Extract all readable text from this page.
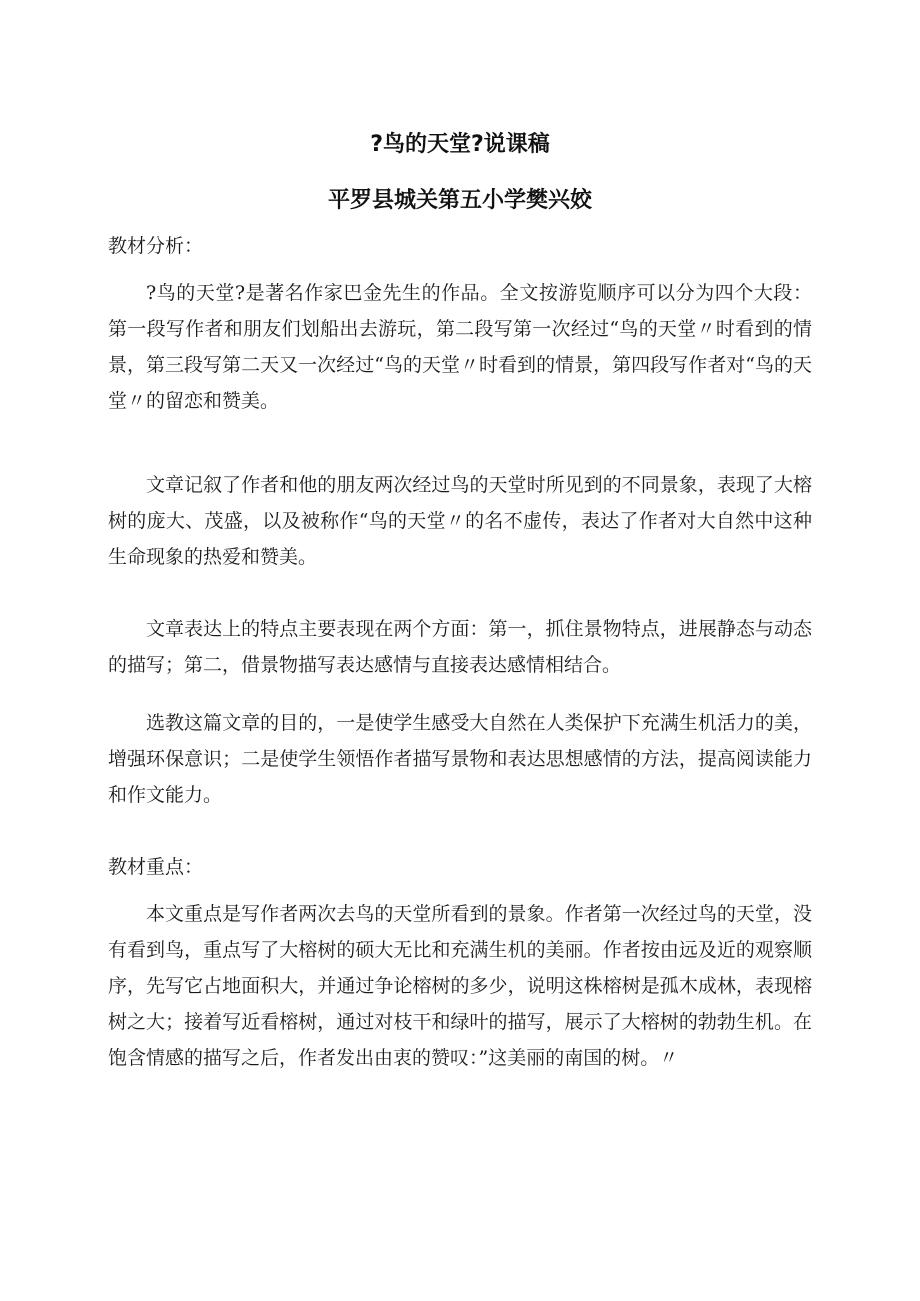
?鸟的天堂?说课稿
平罗县城关第五小学樊兴姣

教材分析：

?鸟的天堂?是著名作家巴金先生的作品。全文按游览顺序可以分为四个大段：第一段写作者和朋友们划船出去游玩，第二段写第一次经过“鸟的天堂〃时看到的情景，第三段写第二天又一次经过“鸟的天堂〃时看到的情景，第四段写作者对“鸟的天堂〃的留恋和赞美。

文章记叙了作者和他的朋友两次经过鸟的天堂时所见到的不同景象，表现了大榕树的庞大、茂盛，以及被称作“鸟的天堂〃的名不虚传，表达了作者对大自然中这种生命现象的热爱和赞美。

文章表达上的特点主要表现在两个方面：第一，抓住景物特点，进展静态与动态的描写；第二，借景物描写表达感情与直接表达感情相结合。

选教这篇文章的目的，一是使学生感受大自然在人类保护下充满生机活力的美，增强环保意识；二是使学生领悟作者描写景物和表达思想感情的方法，提高阅读能力和作文能力。

教材重点：

本文重点是写作者两次去鸟的天堂所看到的景象。作者第一次经过鸟的天堂，没有看到鸟，重点写了大榕树的硕大无比和充满生机的美丽。作者按由远及近的观察顺序，先写它占地面积大，并通过争论榕树的多少，说明这株榕树是孤木成林，表现榕树之大；接着写近看榕树，通过对枝干和绿叶的描写，展示了大榕树的勃勃生机。在饱含情感的描写之后，作者发出由衷的赞叹：”这美丽的南国的树。〃
